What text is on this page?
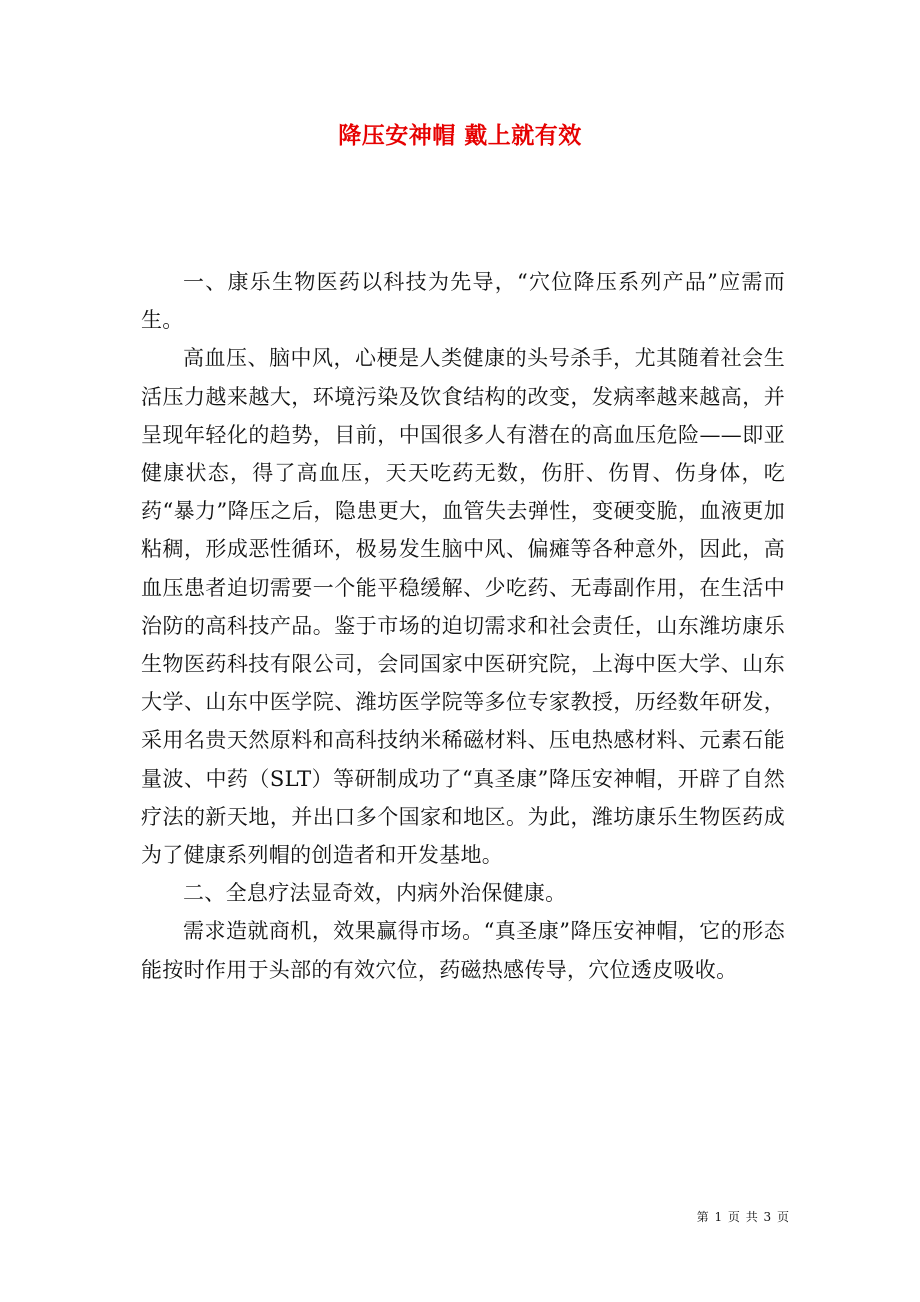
降压安神帽 戴上就有效

一、康乐生物医药以科技为先导，“穴位降压系列产品”应需而生。

高血压、脑中风，心梗是人类健康的头号杀手，尤其随着社会生活压力越来越大，环境污染及饮食结构的改变，发病率越来越高，并呈现年轻化的趋势，目前，中国很多人有潜在的高血压危险——即亚健康状态，得了高血压，天天吃药无数，伤肝、伤胃、伤身体，吃药“暴力”降压之后，隐患更大，血管失去弹性，变硬变脆，血液更加粘稠，形成恶性循环，极易发生脑中风、偏瘫等各种意外，因此，高血压患者迫切需要一个能平稳缓解、少吃药、无毒副作用，在生活中治防的高科技产品。鉴于市场的迫切需求和社会责任，山东潍坊康乐生物医药科技有限公司，会同国家中医研究院，上海中医大学、山东大学、山东中医学院、潍坊医学院等多位专家教授，历经数年研发，采用名贵天然原料和高科技纳米稀磁材料、压电热感材料、元素石能量波、中药（SLT）等研制成功了“真圣康”降压安神帽，开辟了自然疗法的新天地，并出口多个国家和地区。为此，潍坊康乐生物医药成为了健康系列帽的创造者和开发基地。

二、全息疗法显奇效，内病外治保健康。

需求造就商机，效果赢得市场。“真圣康”降压安神帽，它的形态能按时作用于头部的有效穴位，药磁热感传导，穴位透皮吸收。

第 1 页 共 3 页
